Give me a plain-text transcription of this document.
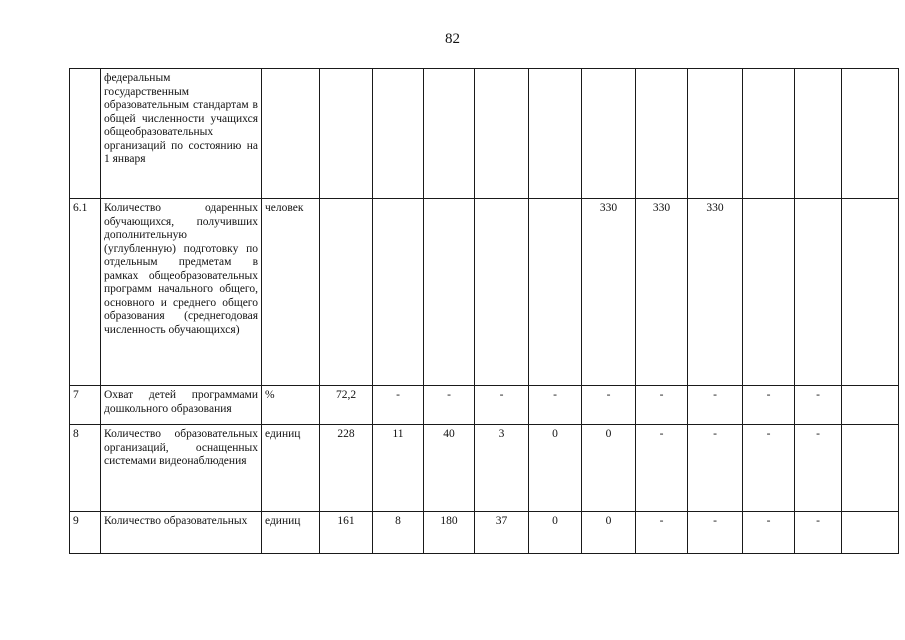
82
	федеральным государственным образовательным стандартам в общей численности учащихся общеобразовательных организаций по состоянию на 1 января	

6.1	Количество одаренных обучающихся, получивших дополнительную (углубленную) подготовку по отдельным предметам в рамках общеобразовательных программ начального общего, основного и среднего общего образования (среднегодовая численность обучающихся)	человек						330	330	330			

7	Охват детей программами дошкольного образования	%	72,2	-	-	-	-	-	-	-	-	-	

8	Количество образовательных организаций, оснащенных системами видеонаблюдения	единиц	228	11	40	3	0	0	-	-	-	-	

9	Количество образовательных	единиц	161	8	180	37	0	0	-	-	-	-	
